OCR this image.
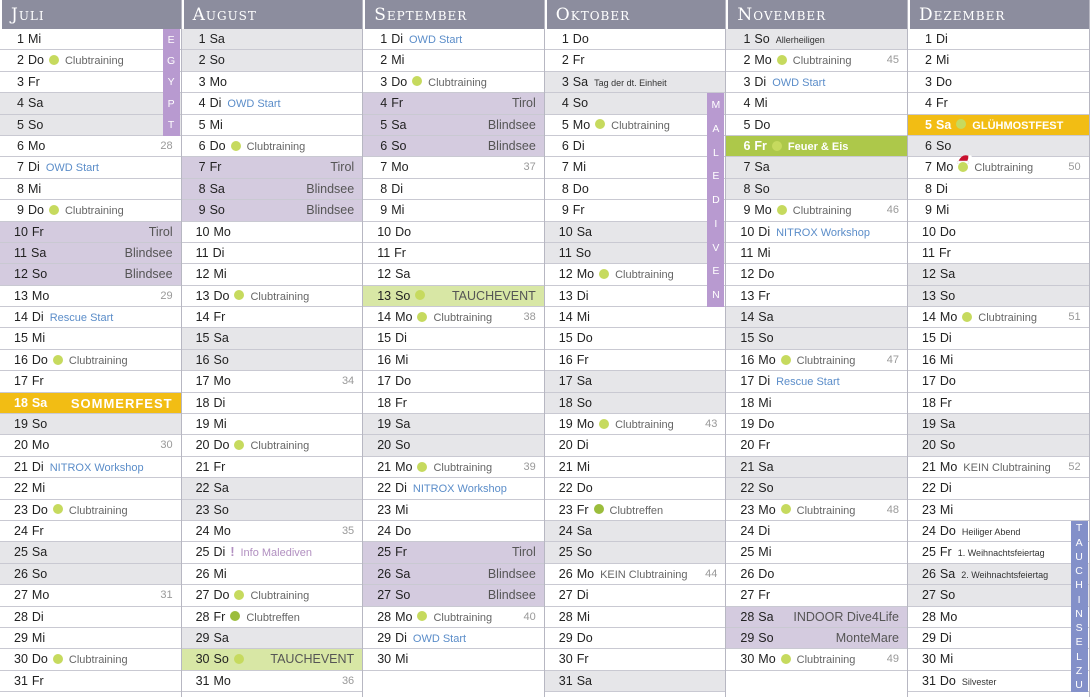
Juli
1 Mi
2 Do Clubtraining
3 Fr
4 Sa
5 So
6 Mo	28
7 Di OWD Start
8 Mi
9 Do Clubtraining
10 Fr	Tirol
11 Sa	Blindsee
12 So	Blindsee
13 Mo	29
14 Di Rescue Start
15 Mi
16 Do Clubtraining
17 Fr
18 Sa SOMMERFEST
19 So
20 Mo	30
21 Di NITROX Workshop
22 Mi
23 Do Clubtraining
24 Fr
25 Sa
26 So
27 Mo	31
28 Di
29 Mi
30 Do Clubtraining
31 Fr
August
1 Sa
2 So
3 Mo
4 Di OWD Start
5 Mi
6 Do Clubtraining
7 Fr	Tirol
8 Sa	Blindsee
9 So	Blindsee
10 Mo
11 Di
12 Mi
13 Do Clubtraining
14 Fr
15 Sa
16 So
17 Mo	34
18 Di
19 Mi
20 Do Clubtraining
21 Fr
22 Sa
23 So
24 Mo	35
25 Di ! Info Malediven
26 Mi
27 Do Clubtraining
28 Fr Clubtreffen
29 Sa
30 So	TAUCHEVENT
31 Mo	36
September
1 Di OWD Start
2 Mi
3 Do Clubtraining
4 Fr	Tirol
5 Sa	Blindsee
6 So	Blindsee
7 Mo	37
8 Di
9 Mi
10 Do
11 Fr
12 Sa
13 So	TAUCHEVENT
14 Mo Clubtraining	38
15 Di
16 Mi
17 Do
18 Fr
19 Sa
20 So
21 Mo Clubtraining	39
22 Di NITROX Workshop
23 Mi
24 Do
25 Fr	Tirol
26 Sa	Blindsee
27 So	Blindsee
28 Mo Clubtraining	40
29 Di OWD Start
30 Mi
Oktober
1 Do
2 Fr
3 Sa Tag der dt. Einheit
4 So
5 Mo Clubtraining
6 Di
7 Mi
8 Do
9 Fr
10 Sa
11 So
12 Mo Clubtraining
13 Di
14 Mi
15 Do
16 Fr
17 Sa
18 So
19 Mo Clubtraining	43
20 Di
21 Mi
22 Do
23 Fr Clubtreffen
24 Sa
25 So
26 Mo KEIN Clubtraining 44
27 Di
28 Mi
29 Do
30 Fr
31 Sa
November
1 So Allerheiligen
2 Mo Clubtraining	45
3 Di OWD Start
4 Mi
5 Do
6 Fr Feuer & Eis
7 Sa
8 So
9 Mo Clubtraining	46
10 Di NITROX Workshop
11 Mi
12 Do
13 Fr
14 Sa
15 So
16 Mo Clubtraining	47
17 Di Rescue Start
18 Mi
19 Do
20 Fr
21 Sa
22 So
23 Mo Clubtraining	48
24 Di
25 Mi
26 Do
27 Fr
28 Sa INDOOR Dive4Life
29 So	MonteMare
30 Mo Clubtraining	49
Dezember
1 Di
2 Mi
3 Do
4 Fr
5 Sa GLÜHMOSTFEST
6 So
7 Mo Clubtraining	50
8 Di
9 Mi
10 Do
11 Fr
12 Sa
13 So
14 Mo Clubtraining	51
15 Di
16 Mi
17 Do
18 Fr
19 Sa
20 So
21 Mo KEIN Clubtraining 52
22 Di
23 Mi
24 Do Heiliger Abend
25 Fr 1. Weihnachtsfeiertag
26 Sa 2. Weihnachtsfeiertag
27 So
28 Mo
29 Di
30 Mi
31 Do Silvester
E
G
Y
P
T
M
A
L
E
D
I
V
E
N
T
A
U
C
H
I
N
S
E
L
Z
U
